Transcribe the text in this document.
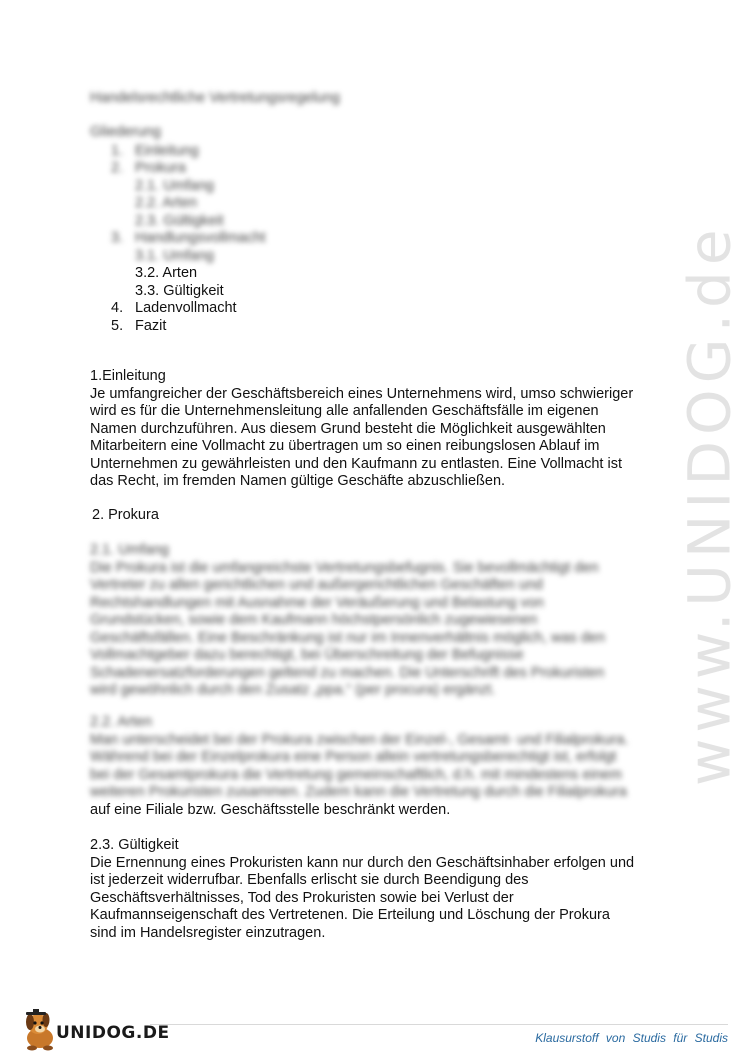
www.UNIDOG.de
Handelsrechtliche Vertretungsregelung
Gliederung
1. Einleitung
2. Prokura
2.1. Umfang
2.2. Arten
2.3. Gültigkeit
3. Handlungsvollmacht
3.1. Umfang
3.2. Arten
3.3. Gültigkeit
4. Ladenvollmacht
5. Fazit

1.Einleitung

Je umfangreicher der Geschäftsbereich eines Unternehmens wird, umso schwieriger

wird es für die Unternehmensleitung alle anfallenden Geschäftsfälle im eigenen

Namen durchzuführen. Aus diesem Grund besteht die Möglichkeit ausgewählten

Mitarbeitern eine Vollmacht zu übertragen um so einen reibungslosen Ablauf im

Unternehmen zu gewährleisten und den Kaufmann zu entlasten. Eine Vollmacht ist

das Recht, im fremden Namen gültige Geschäfte abzuschließen.

2. Prokura

2.1. Umfang

Die Prokura ist die umfangreichste Vertretungsbefugnis. Sie bevollmächtigt den

Vertreter zu allen gerichtlichen und außergerichtlichen Geschäften und

Rechtshandlungen mit Ausnahme der Veräußerung und Belastung von

Grundstücken, sowie dem Kaufmann höchstpersönlich zugewiesenen

Geschäftsfällen. Eine Beschränkung ist nur im Innenverhältnis möglich, was den

Vollmachtgeber dazu berechtigt, bei Überschreitung der Befugnisse

Schadenersatzforderungen geltend zu machen. Die Unterschrift des Prokuristen

wird gewöhnlich durch den Zusatz „ppa.“ (per procura) ergänzt.

2.2. Arten

Man unterscheidet bei der Prokura zwischen der Einzel-, Gesamt- und Filialprokura.

Während bei der Einzelprokura eine Person allein vertretungsberechtigt ist, erfolgt

bei der Gesamtprokura die Vertretung gemeinschaftlich, d.h. mit mindestens einem

weiteren Prokuristen zusammen. Zudem kann die Vertretung durch die Filialprokura

auf eine Filiale bzw. Geschäftsstelle beschränkt werden.

2.3. Gültigkeit

Die Ernennung eines Prokuristen kann nur durch den Geschäftsinhaber erfolgen und

ist jederzeit widerrufbar. Ebenfalls erlischt sie durch Beendigung des

Geschäftsverhältnisses, Tod des Prokuristen sowie bei Verlust der

Kaufmannseigenschaft des Vertretenen. Die Erteilung und Löschung der Prokura

sind im Handelsregister einzutragen.

UNIDOG.DE	Klausurstoff von Studis für Studis
